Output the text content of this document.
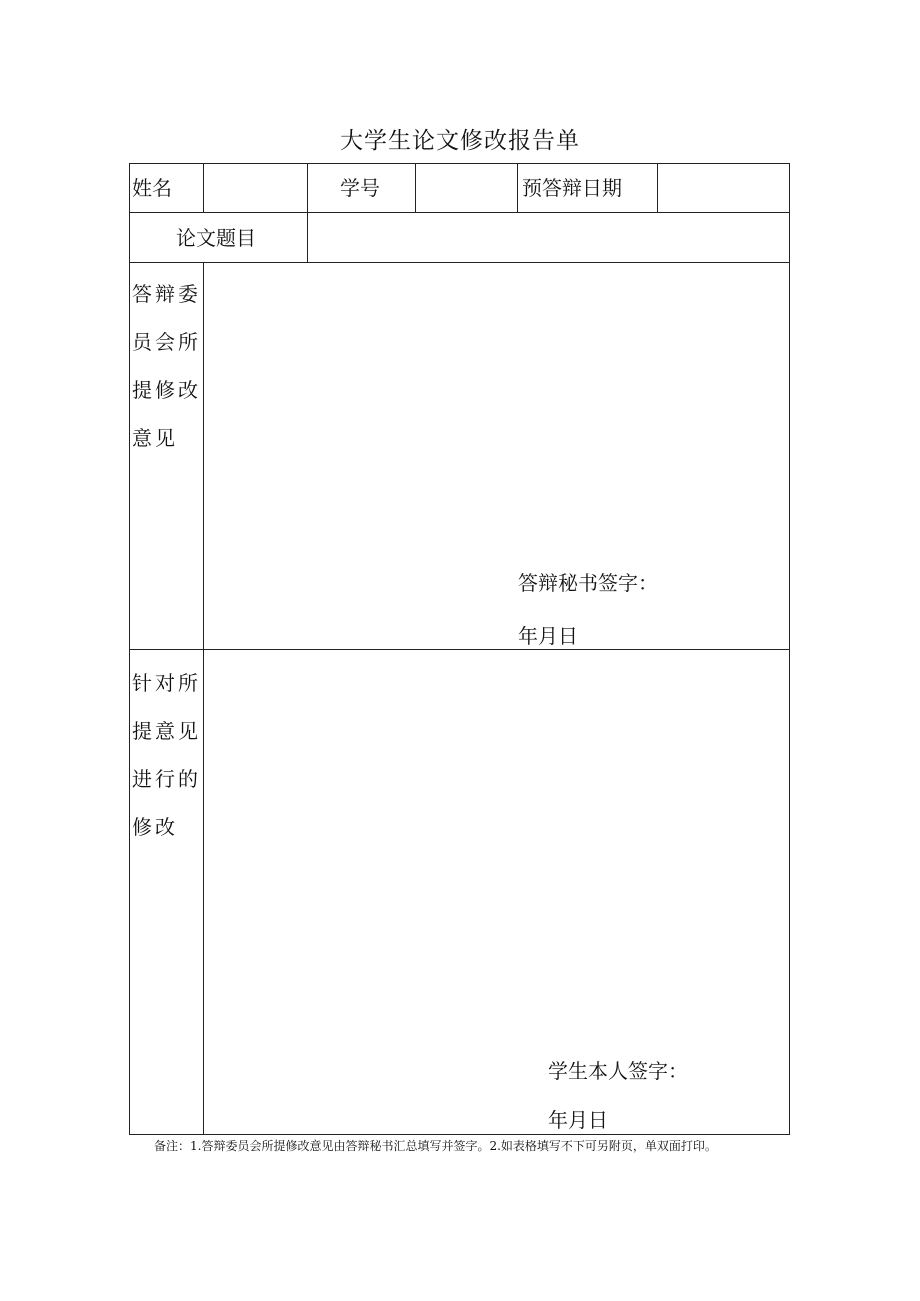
大学生论文修改报告单
姓名	学号	预答辩日期
论文题目
答辩委员会所提修改意见
答辩秘书签字：
年月日
针对所提意见进行的修改
学生本人签字：
年月日
备注：1.答辩委员会所提修改意见由答辩秘书汇总填写并签字。2.如表格填写不下可另附页，单双面打印。
